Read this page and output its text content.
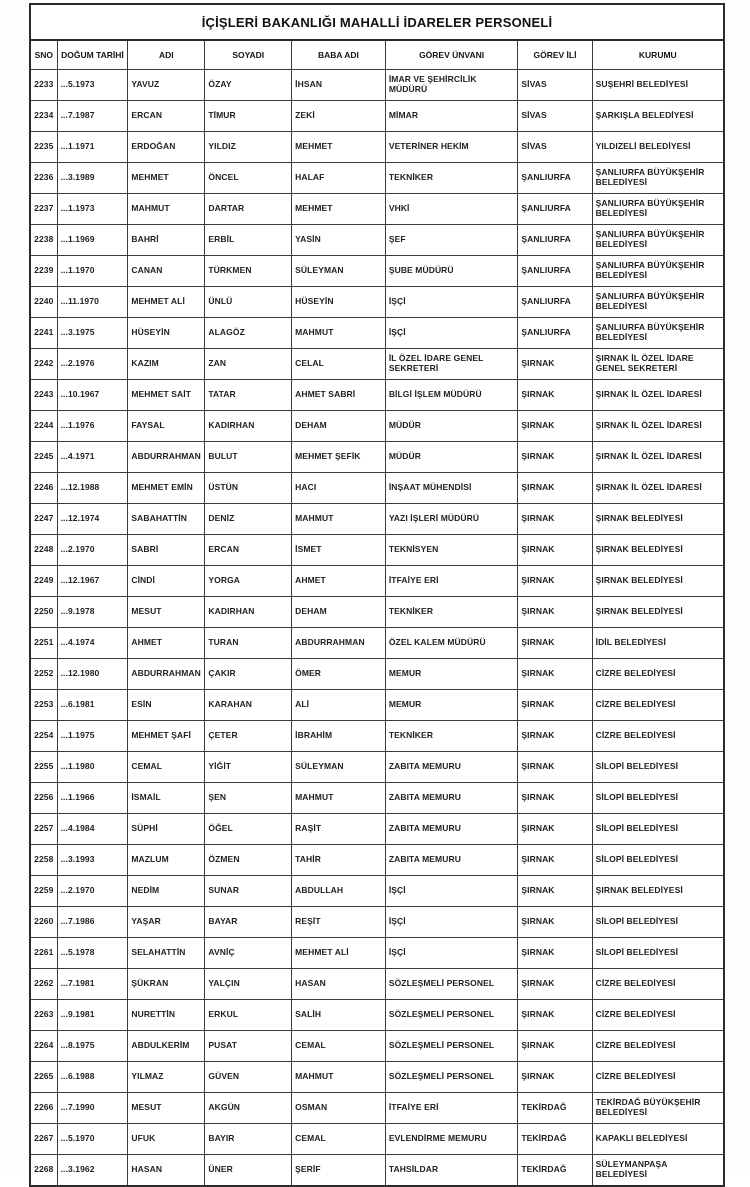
İÇİŞLERİ BAKANLIĞI MAHALLİ İDARELER PERSONELİ							
SNO	DOĞUM TARİHİ	ADI	SOYADI	BABA ADI	GÖREV ÜNVANI	GÖREV İLİ	KURUMU
2233	...5.1973	YAVUZ	ÖZAY	İHSAN	İMAR VE ŞEHİRCİLİK MÜDÜRÜ	SİVAS	SUŞEHRİ BELEDİYESİ
2234	...7.1987	ERCAN	TİMUR	ZEKİ	MİMAR	SİVAS	ŞARKIŞLA BELEDİYESİ
2235	...1.1971	ERDOĞAN	YILDIZ	MEHMET	VETERİNER HEKİM	SİVAS	YILDIZELİ BELEDİYESİ
2236	...3.1989	MEHMET	ÖNCEL	HALAF	TEKNİKER	ŞANLIURFA	ŞANLIURFA BÜYÜKŞEHİR BELEDİYESİ
2237	...1.1973	MAHMUT	DARTAR	MEHMET	VHKİ	ŞANLIURFA	ŞANLIURFA BÜYÜKŞEHİR BELEDİYESİ
2238	...1.1969	BAHRİ	ERBİL	YASİN	ŞEF	ŞANLIURFA	ŞANLIURFA BÜYÜKŞEHİR BELEDİYESİ
2239	...1.1970	CANAN	TÜRKMEN	SÜLEYMAN	ŞUBE MÜDÜRÜ	ŞANLIURFA	ŞANLIURFA BÜYÜKŞEHİR BELEDİYESİ
2240	...11.1970	MEHMET ALİ	ÜNLÜ	HÜSEYİN	İŞÇİ	ŞANLIURFA	ŞANLIURFA BÜYÜKŞEHİR BELEDİYESİ
2241	...3.1975	HÜSEYİN	ALAGÖZ	MAHMUT	İŞÇİ	ŞANLIURFA	ŞANLIURFA BÜYÜKŞEHİR BELEDİYESİ
2242	...2.1976	KAZIM	ZAN	CELAL	İL ÖZEL İDARE GENEL SEKRETERİ	ŞIRNAK	ŞIRNAK İL ÖZEL İDARE GENEL SEKRETERİ
2243	...10.1967	MEHMET SAİT	TATAR	AHMET SABRİ	BİLGİ İŞLEM MÜDÜRÜ	ŞIRNAK	ŞIRNAK İL ÖZEL İDARESİ
2244	...1.1976	FAYSAL	KADIRHAN	DEHAM	MÜDÜR	ŞIRNAK	ŞIRNAK İL ÖZEL İDARESİ
2245	...4.1971	ABDURRAHMAN	BULUT	MEHMET ŞEFİK	MÜDÜR	ŞIRNAK	ŞIRNAK İL ÖZEL İDARESİ
2246	...12.1988	MEHMET EMİN	ÜSTÜN	HACI	İNŞAAT MÜHENDİSİ	ŞIRNAK	ŞIRNAK İL ÖZEL İDARESİ
2247	...12.1974	SABAHATTİN	DENİZ	MAHMUT	YAZI İŞLERİ MÜDÜRÜ	ŞIRNAK	ŞIRNAK BELEDİYESİ
2248	...2.1970	SABRİ	ERCAN	İSMET	TEKNİSYEN	ŞIRNAK	ŞIRNAK BELEDİYESİ
2249	...12.1967	CİNDİ	YORGA	AHMET	İTFAİYE ERİ	ŞIRNAK	ŞIRNAK BELEDİYESİ
2250	...9.1978	MESUT	KADIRHAN	DEHAM	TEKNİKER	ŞIRNAK	ŞIRNAK BELEDİYESİ
2251	...4.1974	AHMET	TURAN	ABDURRAHMAN	ÖZEL KALEM MÜDÜRÜ	ŞIRNAK	İDİL BELEDİYESİ
2252	...12.1980	ABDURRAHMAN	ÇAKIR	ÖMER	MEMUR	ŞIRNAK	CİZRE BELEDİYESİ
2253	...6.1981	ESİN	KARAHAN	ALİ	MEMUR	ŞIRNAK	CİZRE BELEDİYESİ
2254	...1.1975	MEHMET ŞAFİ	ÇETER	İBRAHİM	TEKNİKER	ŞIRNAK	CİZRE BELEDİYESİ
2255	...1.1980	CEMAL	YİĞİT	SÜLEYMAN	ZABITA MEMURU	ŞIRNAK	SİLOPİ BELEDİYESİ
2256	...1.1966	İSMAİL	ŞEN	MAHMUT	ZABITA MEMURU	ŞIRNAK	SİLOPİ BELEDİYESİ
2257	...4.1984	SÜPHİ	ÖĞEL	RAŞİT	ZABITA MEMURU	ŞIRNAK	SİLOPİ BELEDİYESİ
2258	...3.1993	MAZLUM	ÖZMEN	TAHİR	ZABITA MEMURU	ŞIRNAK	SİLOPİ BELEDİYESİ
2259	...2.1970	NEDİM	SUNAR	ABDULLAH	İŞÇİ	ŞIRNAK	ŞIRNAK BELEDİYESİ
2260	...7.1986	YAŞAR	BAYAR	REŞİT	İŞÇİ	ŞIRNAK	SİLOPİ BELEDİYESİ
2261	...5.1978	SELAHATTİN	AVNİÇ	MEHMET ALİ	İŞÇİ	ŞIRNAK	SİLOPİ BELEDİYESİ
2262	...7.1981	ŞÜKRAN	YALÇIN	HASAN	SÖZLEŞMELİ PERSONEL	ŞIRNAK	CİZRE BELEDİYESİ
2263	...9.1981	NURETTİN	ERKUL	SALİH	SÖZLEŞMELİ PERSONEL	ŞIRNAK	CİZRE BELEDİYESİ
2264	...8.1975	ABDULKERİM	PUSAT	CEMAL	SÖZLEŞMELİ PERSONEL	ŞIRNAK	CİZRE BELEDİYESİ
2265	...6.1988	YILMAZ	GÜVEN	MAHMUT	SÖZLEŞMELİ PERSONEL	ŞIRNAK	CİZRE BELEDİYESİ
2266	...7.1990	MESUT	AKGÜN	OSMAN	İTFAİYE ERİ	TEKİRDAĞ	TEKİRDAĞ BÜYÜKŞEHİR BELEDİYESİ
2267	...5.1970	UFUK	BAYIR	CEMAL	EVLENDİRME MEMURU	TEKİRDAĞ	KAPAKLI BELEDİYESİ
2268	...3.1962	HASAN	ÜNER	ŞERİF	TAHSİLDAR	TEKİRDAĞ	SÜLEYMANPAŞA BELEDİYESİ
